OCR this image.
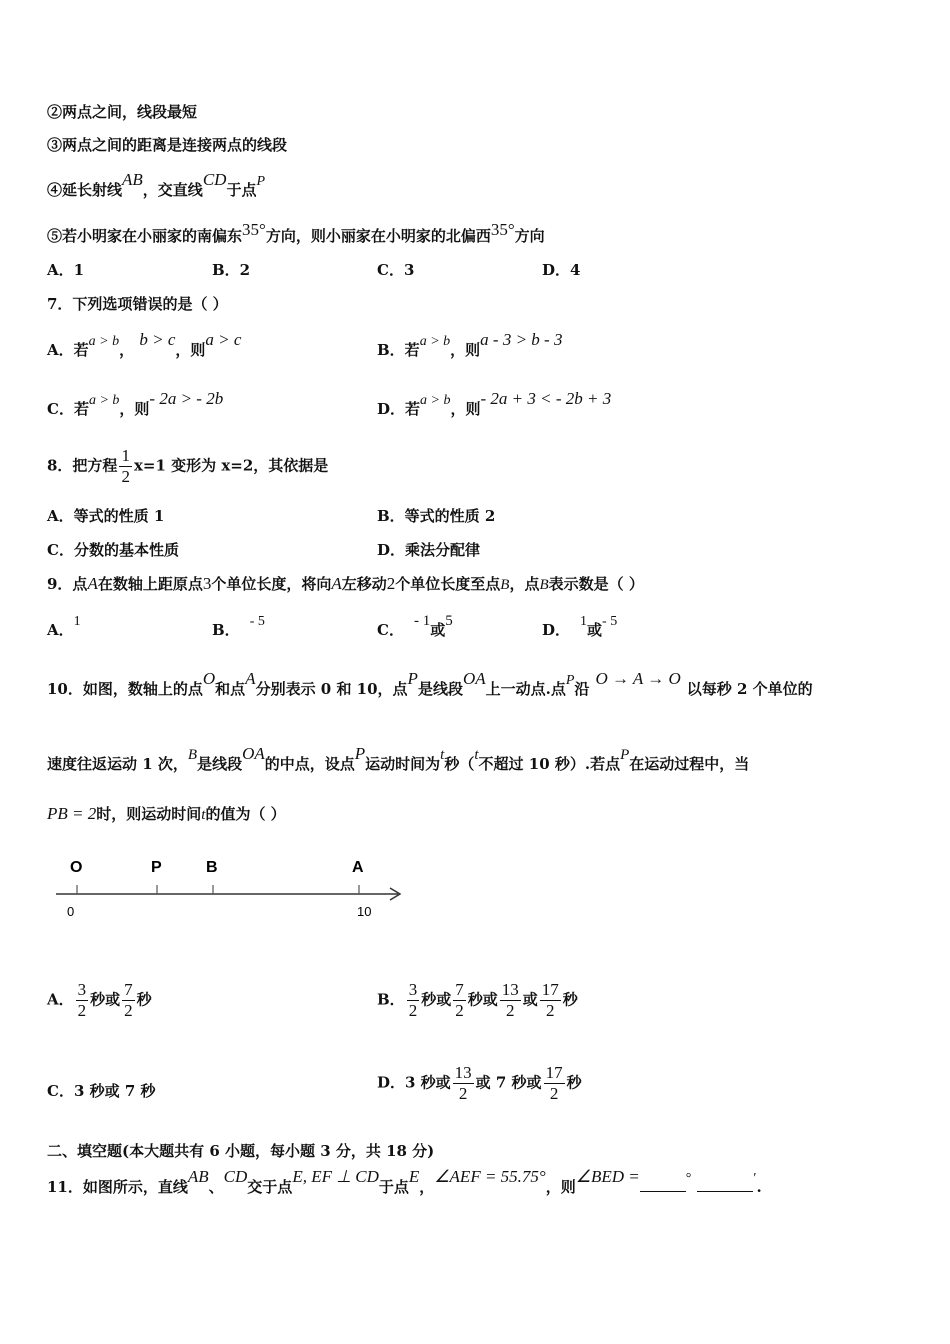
②两点之间，线段最短
③两点之间的距离是连接两点的线段
④延长射线AB，交直线CD于点P
⑤若小明家在小丽家的南偏东35°方向，则小丽家在小明家的北偏西35°方向
A．1	B．2	C．3	D．4
7．下列选项错误的是（ ）
A．若a > b， b > c，则a > c
B．若a > b，则a - 3 > b - 3
C．若a > b，则- 2a > - 2b
D．若a > b，则- 2a + 3 < - 2b + 3
8．把方程 $\frac{1}{2} x=1$ 变形为 x=2，其依据是
A．等式的性质 1	B．等式的性质 2
C．分数的基本性质	D．乘法分配律
9．点A在数轴上距原点3个单位长度，将向A左移动2个单位长度至点B，点B表示数是（ ）
A．1	B． - 5	C． - 1或5	D． 1或- 5
10．如图，数轴上的点O和点A分别表示 0 和 10，点P是线段OA上一动点.点P沿O → A → O以每秒 2 个单位的
速度往返运动 1 次，B是线段OA的中点，设点P运动时间为t秒（t不超过 10 秒）.若点P在运动过程中，当
PB = 2时，则运动时间t的值为（ ）
O	P	B	A
0	10
A． $\frac{3}{2}$ 秒或 $\frac{7}{2}$ 秒	B． $\frac{3}{2}$ 秒或 $\frac{7}{2}$ 秒或 $\frac{13}{2}$ 或 $\frac{17}{2}$ 秒
C．3 秒或 7 秒	D．3 秒或 $\frac{13}{2}$ 或 7 秒或 $\frac{17}{2}$ 秒
二、填空题(本大题共有 6 小题，每小题 3 分，共 18 分)
11．如图所示，直线AB、CD交于点E, EF ⊥ CD于点E，∠AEF = 55.75°，则∠BED =	°	′.
